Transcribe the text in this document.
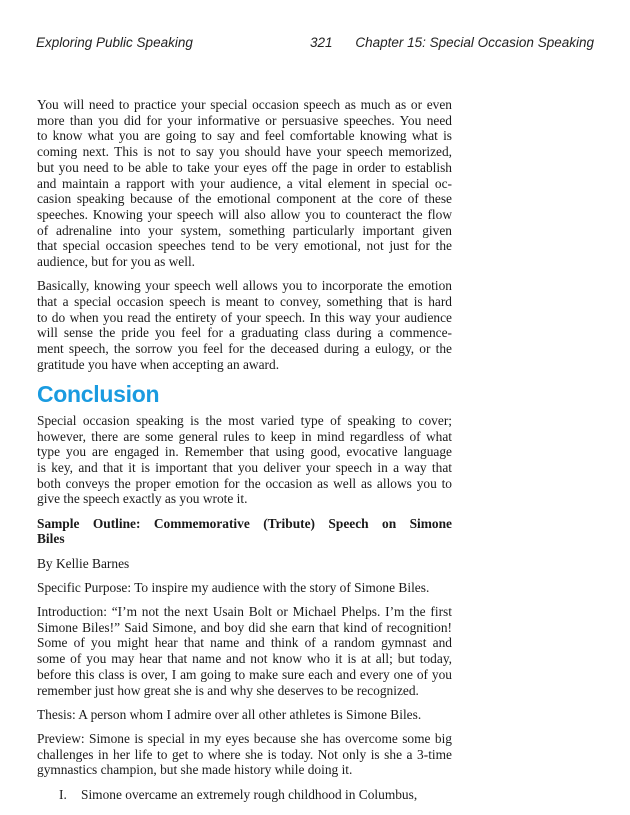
Exploring Public Speaking	321 Chapter 15: Special Occasion Speaking

You will need to practice your special occasion speech as much as or even
more than you did for your informative or persuasive speeches. You need
to know what you are going to say and feel comfortable knowing what is
coming next. This is not to say you should have your speech memorized,
but you need to be able to take your eyes off the page in order to establish
and maintain a rapport with your audience, a vital element in special oc-
casion speaking because of the emotional component at the core of these
speeches. Knowing your speech will also allow you to counteract the flow
of adrenaline into your system, something particularly important given
that special occasion speeches tend to be very emotional, not just for the
audience, but for you as well.

Basically, knowing your speech well allows you to incorporate the emotion
that a special occasion speech is meant to convey, something that is hard
to do when you read the entirety of your speech. In this way your audience
will sense the pride you feel for a graduating class during a commence-
ment speech, the sorrow you feel for the deceased during a eulogy, or the
gratitude you have when accepting an award.

Conclusion

Special occasion speaking is the most varied type of speaking to cover;
however, there are some general rules to keep in mind regardless of what
type you are engaged in. Remember that using good, evocative language
is key, and that it is important that you deliver your speech in a way that
both conveys the proper emotion for the occasion as well as allows you to
give the speech exactly as you wrote it.

Sample Outline: Commemorative (Tribute) Speech on Simone
Biles

By Kellie Barnes

Specific Purpose: To inspire my audience with the story of Simone Biles.

Introduction: “I’m not the next Usain Bolt or Michael Phelps. I’m the first
Simone Biles!” Said Simone, and boy did she earn that kind of recognition!
Some of you might hear that name and think of a random gymnast and
some of you may hear that name and not know who it is at all; but today,
before this class is over, I am going to make sure each and every one of you
remember just how great she is and why she deserves to be recognized.

Thesis: A person whom I admire over all other athletes is Simone Biles.

Preview: Simone is special in my eyes because she has overcome some big
challenges in her life to get to where she is today. Not only is she a 3-time
gymnastics champion, but she made history while doing it.

I. Simone overcame an extremely rough childhood in Columbus,
